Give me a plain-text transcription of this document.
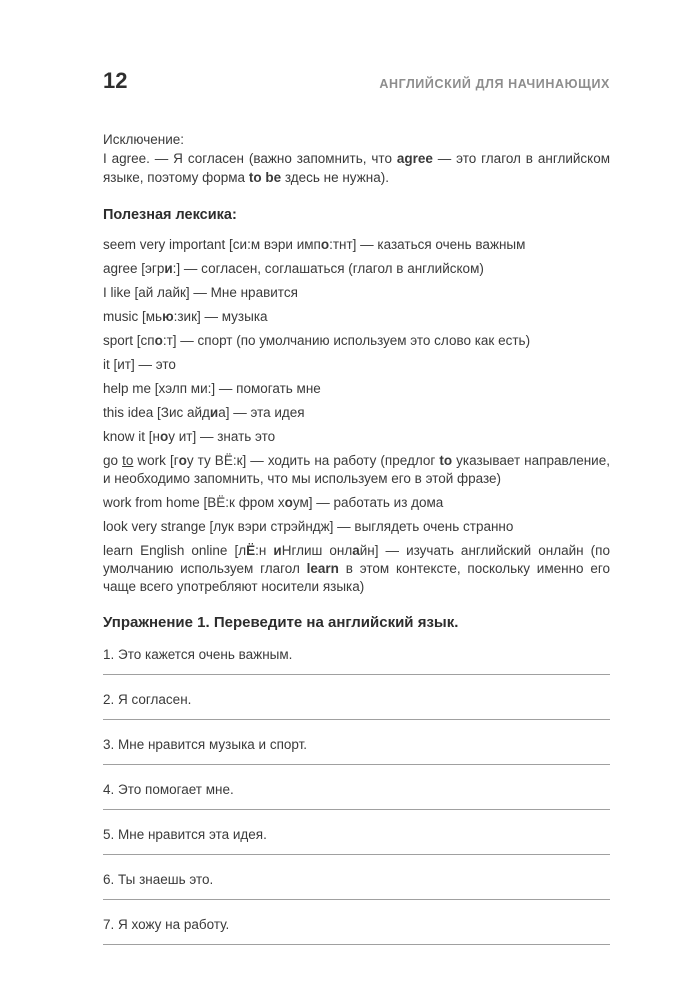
12	АНГЛИЙСКИЙ ДЛЯ НАЧИНАЮЩИХ

Исключение:

I agree. — Я согласен (важно запомнить, что agree — это глагол в английском языке, поэтому форма to be здесь не нужна).

Полезная лексика:

seem very important [си:м вэри импо:тнт] — казаться очень важным

agree [эгри:] — согласен, соглашаться (глагол в английском)

I like [ай лайк] — Мне нравится

music [мью:зик] — музыка

sport [спо:т] — спорт (по умолчанию используем это слово как есть)

it [ит] — это

help me [хэлп ми:] — помогать мне

this idea [Зис айдиа] — эта идея

know it [ноу ит] — знать это

go to work [гоу ту ВЁ:к] — ходить на работу (предлог to указывает направление, и необходимо запомнить, что мы используем его в этой фразе)

work from home [ВЁ:к фром хоум] — работать из дома

look very strange [лук вэри стрэйндж] — выглядеть очень странно

learn English online [лЁ:н иНглиш онлайн] — изучать английский онлайн (по умолчанию используем глагол learn в этом контексте, поскольку именно его чаще всего употребляют носители языка)

Упражнение 1. Переведите на английский язык.

1. Это кажется очень важным.

2. Я согласен.

3. Мне нравится музыка и спорт.

4. Это помогает мне.

5. Мне нравится эта идея.

6. Ты знаешь это.

7. Я хожу на работу.
